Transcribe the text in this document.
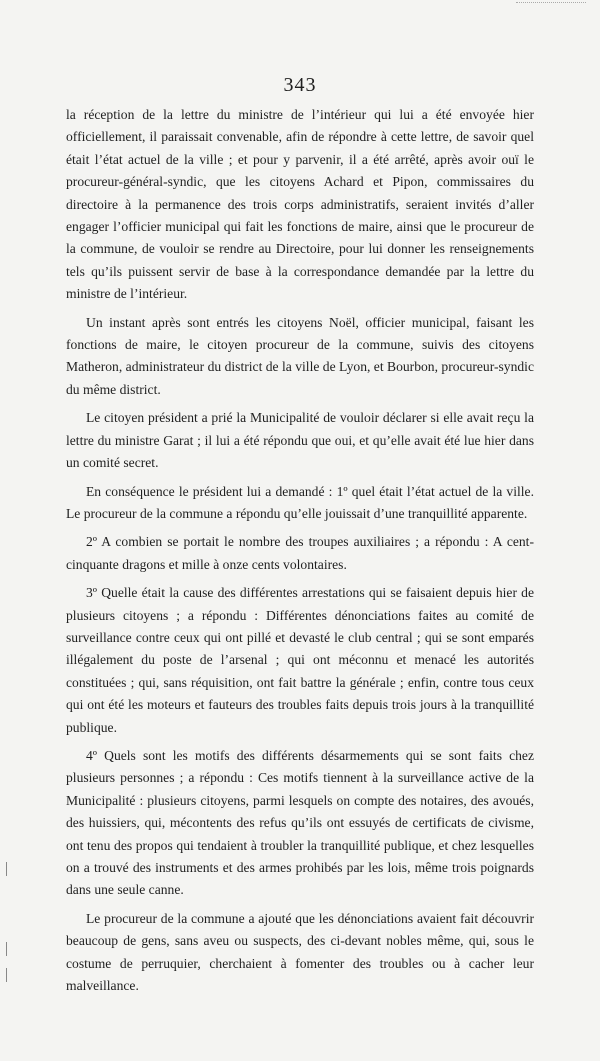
343

la réception de la lettre du ministre de l’intérieur qui lui a été envoyée hier officiellement, il paraissait convenable, afin de répondre à cette lettre, de savoir quel était l’état actuel de la ville ; et pour y parvenir, il a été arrêté, après avoir ouï le procureur-général-syndic, que les citoyens Achard et Pipon, commissaires du directoire à la permanence des trois corps administratifs, seraient invités d’aller engager l’officier municipal qui fait les fonctions de maire, ainsi que le procureur de la commune, de vouloir se rendre au Directoire, pour lui donner les renseignements tels qu’ils puissent servir de base à la correspondance demandée par la lettre du ministre de l’intérieur.

Un instant après sont entrés les citoyens Noël, officier municipal, faisant les fonctions de maire, le citoyen procureur de la commune, suivis des citoyens Matheron, administrateur du district de la ville de Lyon, et Bourbon, procureur-syndic du même district.

Le citoyen président a prié la Municipalité de vouloir déclarer si elle avait reçu la lettre du ministre Garat ; il lui a été répondu que oui, et qu’elle avait été lue hier dans un comité secret.

En conséquence le président lui a demandé : 1º quel était l’état actuel de la ville. Le procureur de la commune a répondu qu’elle jouissait d’une tranquillité apparente.

2º A combien se portait le nombre des troupes auxiliaires ; a répondu : A cent-cinquante dragons et mille à onze cents volontaires.

3º Quelle était la cause des différentes arrestations qui se faisaient depuis hier de plusieurs citoyens ; a répondu : Différentes dénonciations faites au comité de surveillance contre ceux qui ont pillé et devasté le club central ; qui se sont emparés illégalement du poste de l’arsenal ; qui ont méconnu et menacé les autorités constituées ; qui, sans réquisition, ont fait battre la générale ; enfin, contre tous ceux qui ont été les moteurs et fauteurs des troubles faits depuis trois jours à la tranquillité publique.

4º Quels sont les motifs des différents désarmements qui se sont faits chez plusieurs personnes ; a répondu : Ces motifs tiennent à la surveillance active de la Municipalité : plusieurs citoyens, parmi lesquels on compte des notaires, des avoués, des huissiers, qui, mécontents des refus qu’ils ont essuyés de certificats de civisme, ont tenu des propos qui tendaient à troubler la tranquillité publique, et chez lesquelles on a trouvé des instruments et des armes prohibés par les lois, même trois poignards dans une seule canne.

Le procureur de la commune a ajouté que les dénonciations avaient fait découvrir beaucoup de gens, sans aveu ou suspects, des ci-devant nobles même, qui, sous le costume de perruquier, cherchaient à fomenter des troubles ou à cacher leur malveillance.
